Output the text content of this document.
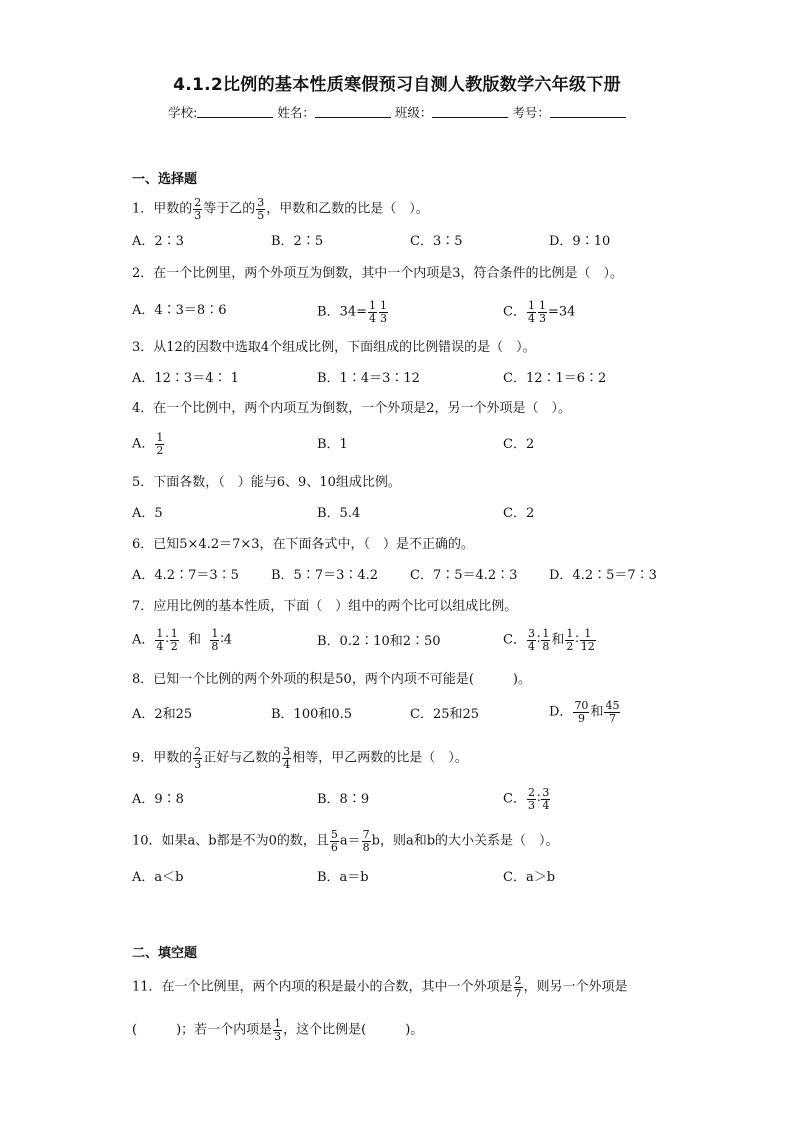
4.1.2比例的基本性质寒假预习自测人教版数学六年级下册
学校:	姓名：	班级：	考号：
一、选择题
1．甲数的 $\frac{2}{3}$ 等于乙的 $\frac{3}{5}$ ，甲数和乙数的比是（　）。
A．2∶3	B．2∶5	C．3∶5	D．9∶10
2．在一个比例里，两个外项互为倒数，其中一个内项是3，符合条件的比例是（　）。
A．4∶3＝8∶6	B．$34= \frac{1}{4} \frac{1}{3}$	C． $\frac{1}{4} \frac{1}{3} =34$
3．从12的因数中选取4个组成比例，下面组成的比例错误的是（　）。
A．12∶3＝4∶ 1	B．1∶4＝3∶12	C．12∶1＝6∶2
4．在一个比例中，两个内项互为倒数，一个外项是2，另一个外项是（　）。
A． $\frac{1}{2}$	B．1	C．2
5．下面各数，（　）能与6、9、10组成比例。
A．5	B．5.4	C．2
6．已知5×4.2＝7×3，在下面各式中，（　）是不正确的。
A．4.2∶7＝3∶5 B．5∶7＝3∶4.2 C．7∶5＝4.2∶3 D．4.2∶5＝7∶3
7．应用比例的基本性质，下面（　）组中的两个比可以组成比例。
A． $\frac{1}{4}$ ∶ $\frac{1}{2}$ 和 $\frac{1}{8}$ ∶4	B．0.2∶10和2∶50	C． $\frac{3}{4}$ ∶ $\frac{1}{8}$ 和 $\frac{1}{2}$ ∶ $\frac{1}{12}$
8．已知一个比例的两个外项的积是50，两个内项不可能是(　　　)。
A．2和25	B．100和0.5	C．25和25	D． $\frac{70}{9}$ 和 $\frac{45}{7}$
9．甲数的 $\frac{2}{3}$ 正好与乙数的 $\frac{3}{4}$ 相等，甲乙两数的比是（　）。
A．9∶8	B．8∶9	C． $\frac{2}{3}$ ∶ $\frac{3}{4}$
10．如果a、b都是不为0的数，且 $\frac{5}{6} a= \frac{7}{8}$ b，则a和b的大小关系是（　）。
A．a＜b	B．a＝b	C．a＞b
二、填空题
11．在一个比例里，两个内项的积是最小的合数，其中一个外项是 $\frac{2}{7}$ ，则另一个外项是
(　　　)；若一个内项是 $\frac{1}{3}$ ，这个比例是(　　　)。
